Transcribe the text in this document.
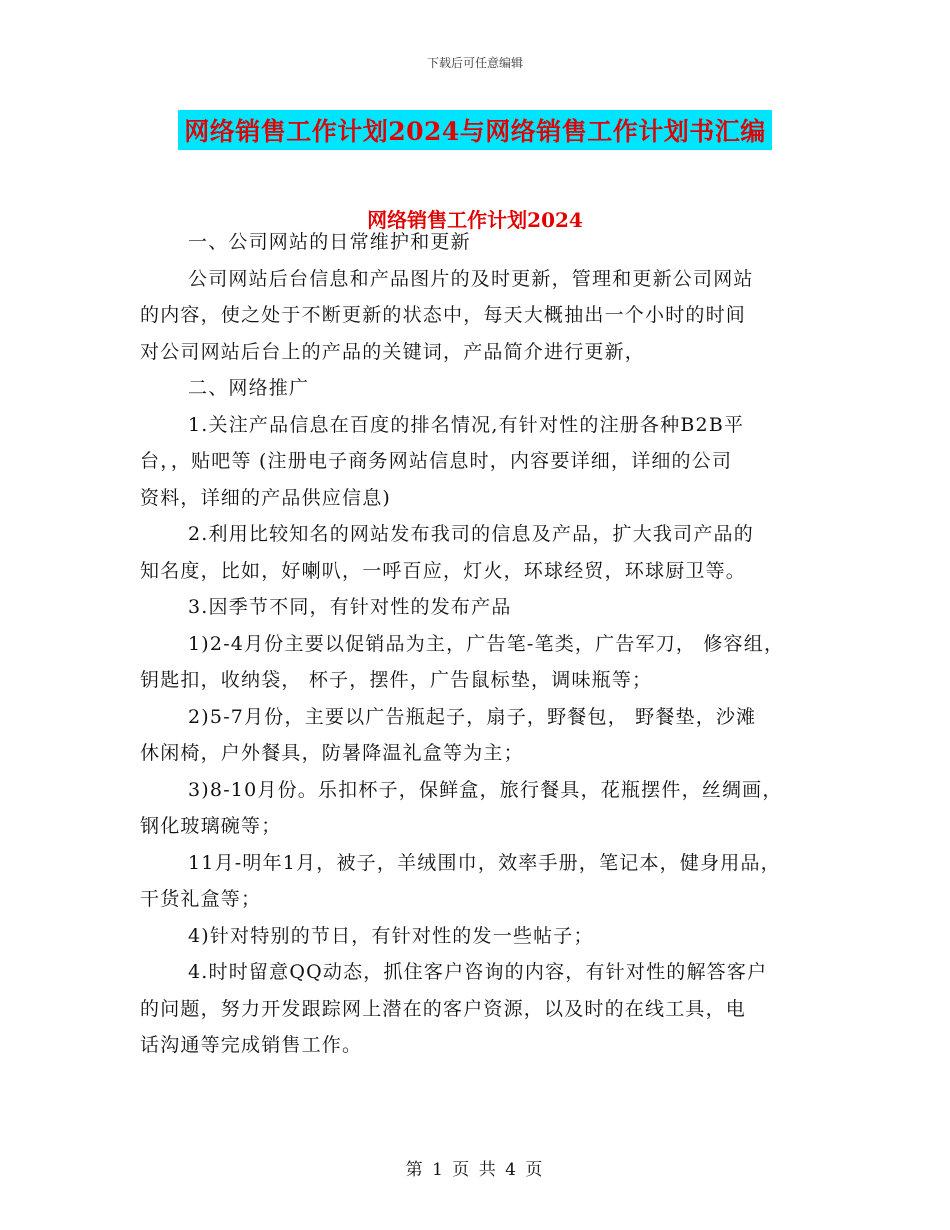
下载后可任意编辑
网络销售工作计划2024与网络销售工作计划书汇编
网络销售工作计划2024

一、公司网站的日常维护和更新

公司网站后台信息和产品图片的及时更新，管理和更新公司网站
的内容，使之处于不断更新的状态中，每天大概抽出一个小时的时间
对公司网站后台上的产品的关键词，产品简介进行更新，

二、网络推广

1.关注产品信息在百度的排名情况,有针对性的注册各种B2B平
台，，贴吧等 (注册电子商务网站信息时，内容要详细，详细的公司
资料，详细的产品供应信息)

2.利用比较知名的网站发布我司的信息及产品，扩大我司产品的
知名度，比如，好喇叭，一呼百应，灯火，环球经贸，环球厨卫等。

3.因季节不同，有针对性的发布产品

1)2-4月份主要以促销品为主，广告笔-笔类，广告军刀， 修容组，
钥匙扣，收纳袋， 杯子，摆件，广告鼠标垫，调味瓶等；

2)5-7月份，主要以广告瓶起子，扇子，野餐包， 野餐垫，沙滩
休闲椅，户外餐具，防暑降温礼盒等为主；

3)8-10月份。乐扣杯子，保鲜盒，旅行餐具，花瓶摆件，丝绸画，
钢化玻璃碗等；

11月-明年1月，被子，羊绒围巾，效率手册，笔记本，健身用品，
干货礼盒等；

4)针对特别的节日，有针对性的发一些帖子；

4.时时留意QQ动态，抓住客户咨询的内容，有针对性的解答客户
的问题，努力开发跟踪网上潜在的客户资源，以及时的在线工具，电
话沟通等完成销售工作。

第 1 页 共 4 页
